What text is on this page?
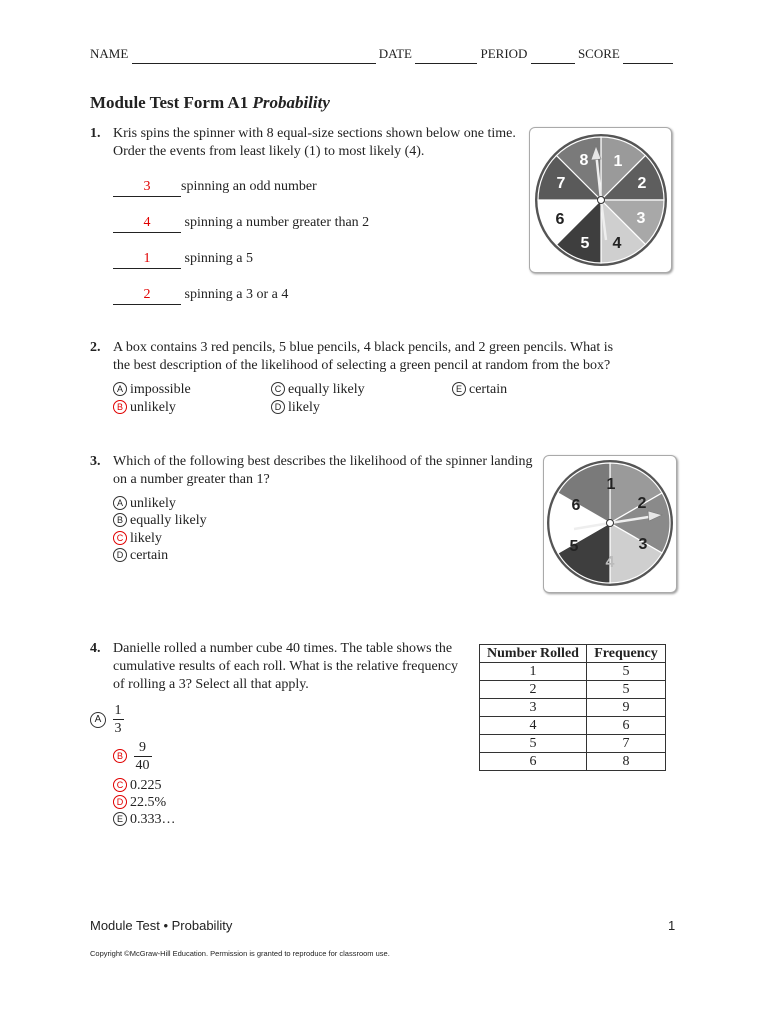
NAME	DATE	PERIOD	SCORE
Module Test Form A1 Probability
1. Kris spins the spinner with 8 equal-size sections shown below one time.
Order the events from least likely (1) to most likely (4).
3 spinning an odd number
4 spinning a number greater than 2
1 spinning a 5
2 spinning a 3 or a 4
1
2
3
4
5
6
7
8
2. A box contains 3 red pencils, 5 blue pencils, 4 black pencils, and 2 green pencils. What is
the best description of the likelihood of selecting a green pencil at random from the box?
A impossible
B unlikely
C equally likely
D likely
E certain
3. Which of the following best describes the likelihood of the spinner landing
on a number greater than 1?
A unlikely
B equally likely
C likely
D certain
1
2
3
4
5
6
4. Danielle rolled a number cube 40 times. The table shows the
cumulative results of each roll. What is the relative frequency
of rolling a 3? Select all that apply.
A $\frac{1}{3}$
B $\frac{9}{40}$
C 0.225
D 22.5%
E 0.333…
Number Rolled	Frequency
1	5
2	5
3	9
4	6
5	7
6	8
Module Test • Probability	1
Copyright ©McGraw-Hill Education. Permission is granted to reproduce for classroom use.
